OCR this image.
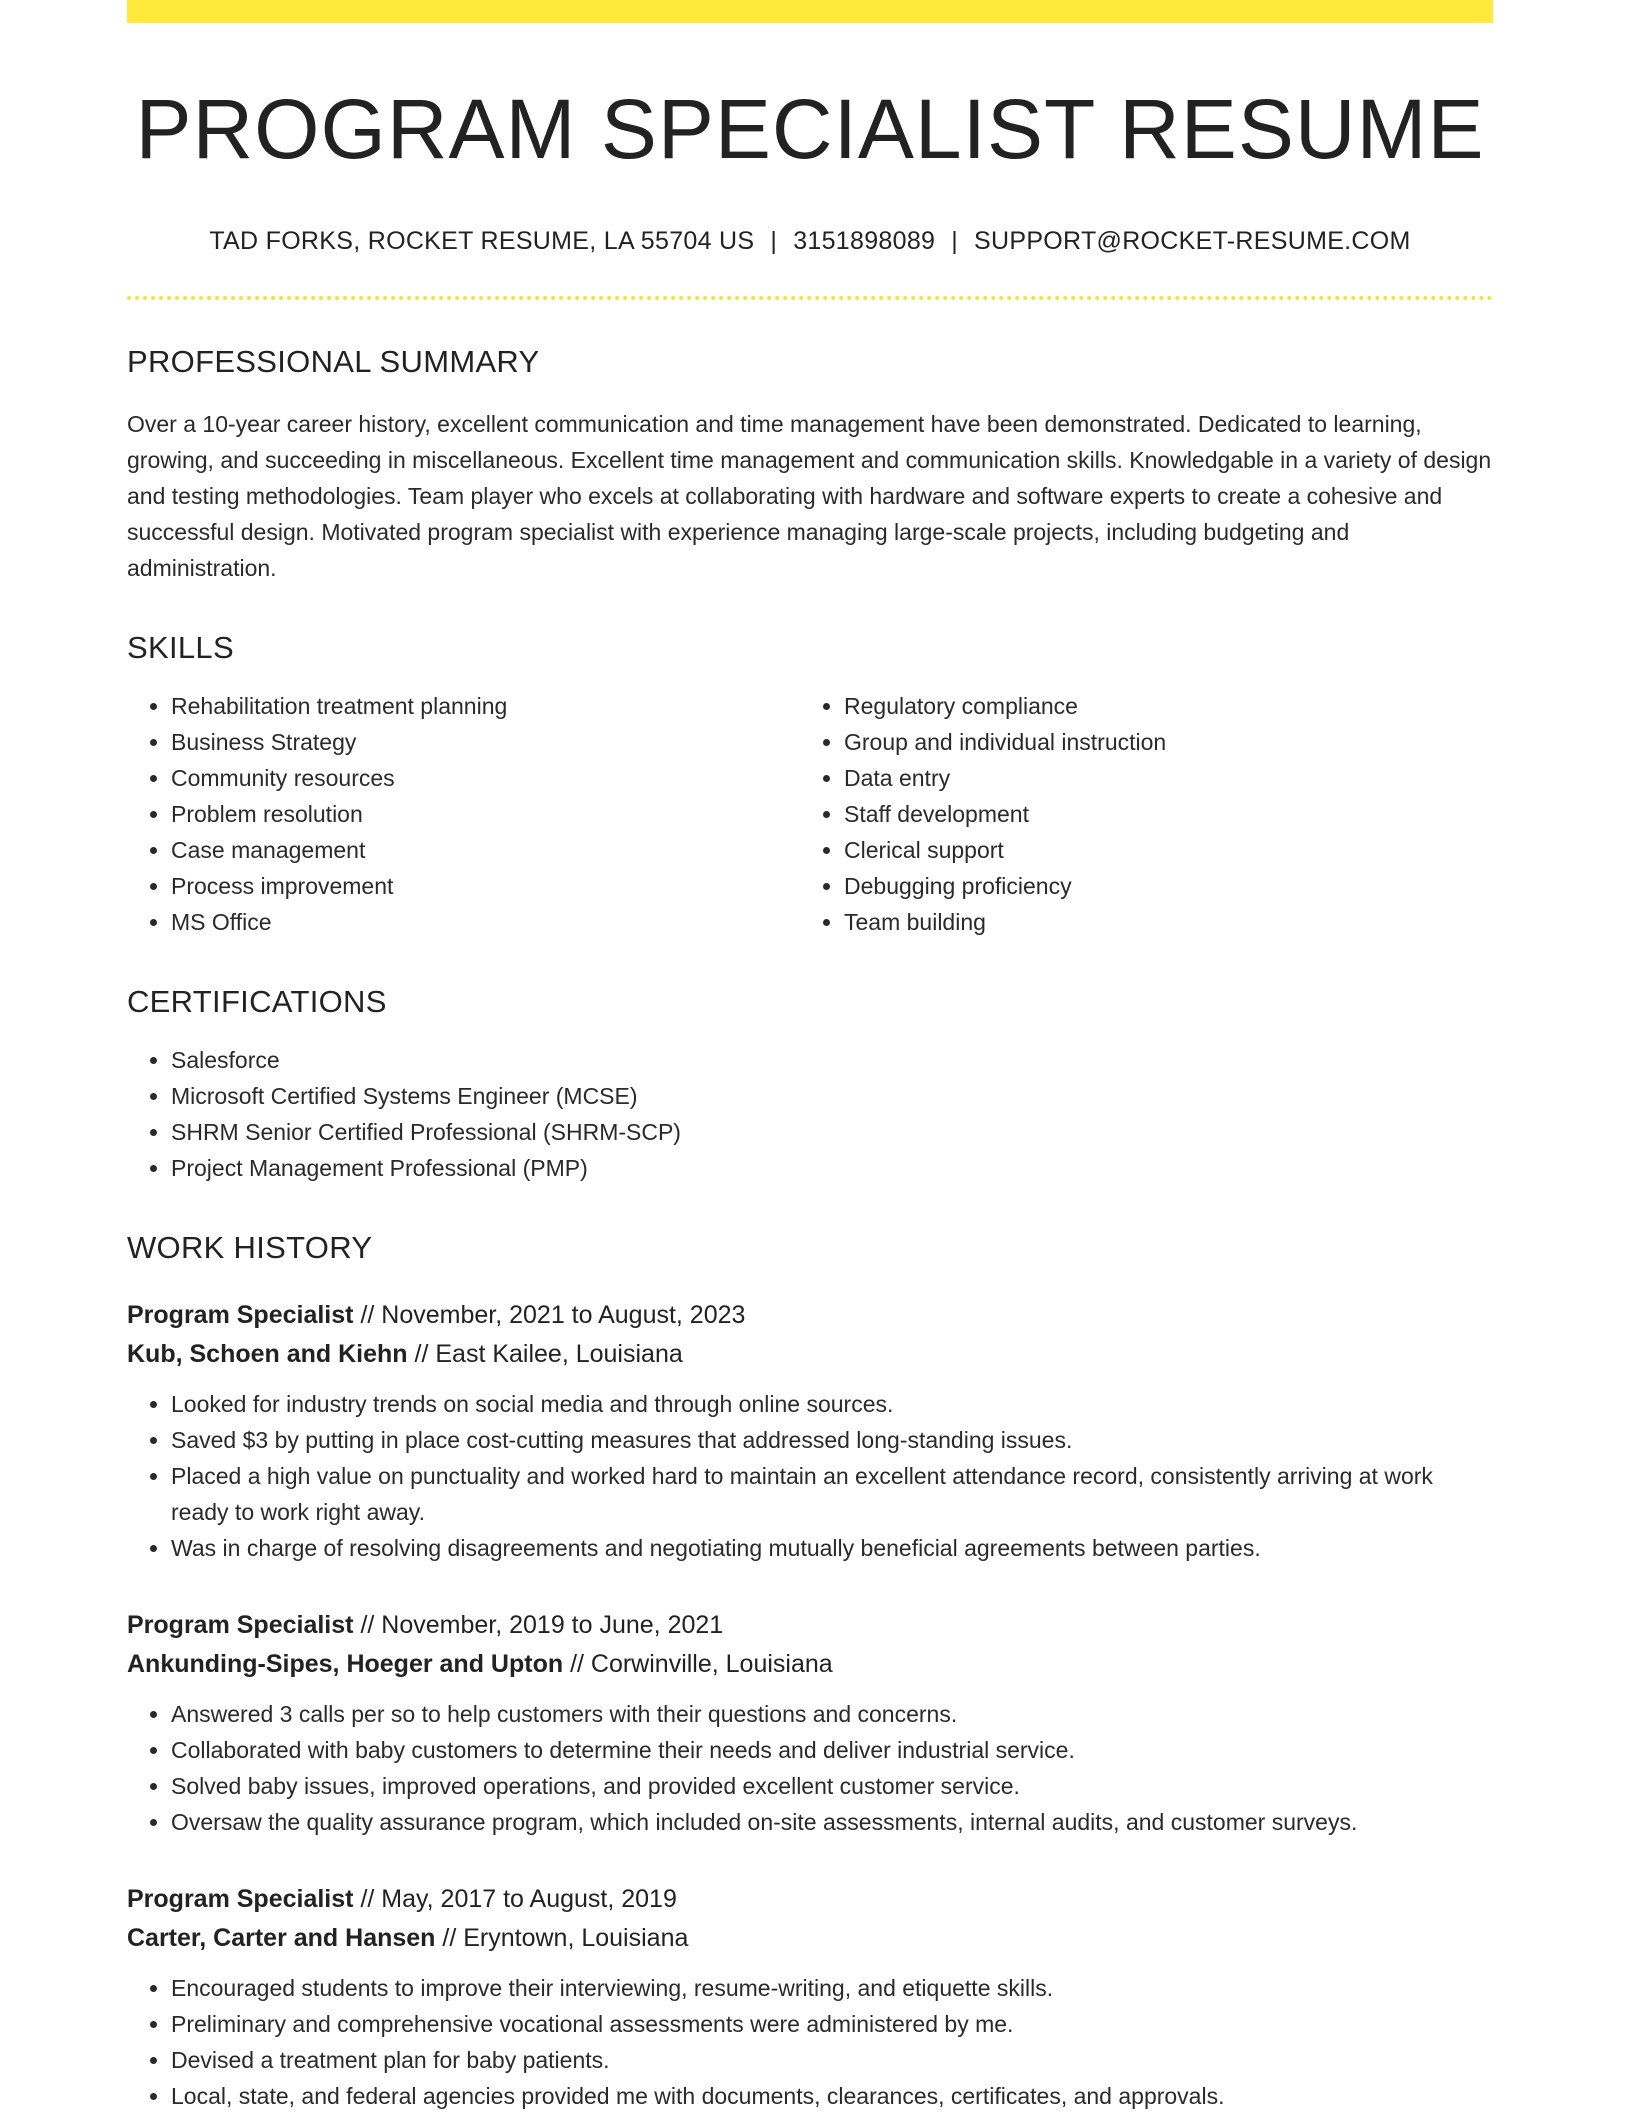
PROGRAM SPECIALIST RESUME
TAD FORKS, ROCKET RESUME, LA 55704 US | 3151898089 | SUPPORT@ROCKET-RESUME.COM
PROFESSIONAL SUMMARY
Over a 10-year career history, excellent communication and time management have been demonstrated. Dedicated to learning, growing, and succeeding in miscellaneous. Excellent time management and communication skills. Knowledgable in a variety of design and testing methodologies. Team player who excels at collaborating with hardware and software experts to create a cohesive and successful design. Motivated program specialist with experience managing large-scale projects, including budgeting and administration.
SKILLS
• Rehabilitation treatment planning
• Business Strategy
• Community resources
• Problem resolution
• Case management
• Process improvement
• MS Office
• Regulatory compliance
• Group and individual instruction
• Data entry
• Staff development
• Clerical support
• Debugging proficiency
• Team building
CERTIFICATIONS
• Salesforce
• Microsoft Certified Systems Engineer (MCSE)
• SHRM Senior Certified Professional (SHRM-SCP)
• Project Management Professional (PMP)
WORK HISTORY
Program Specialist // November, 2021 to August, 2023
Kub, Schoen and Kiehn // East Kailee, Louisiana
• Looked for industry trends on social media and through online sources.
• Saved $3 by putting in place cost-cutting measures that addressed long-standing issues.
• Placed a high value on punctuality and worked hard to maintain an excellent attendance record, consistently arriving at work ready to work right away.
• Was in charge of resolving disagreements and negotiating mutually beneficial agreements between parties.
Program Specialist // November, 2019 to June, 2021
Ankunding-Sipes, Hoeger and Upton // Corwinville, Louisiana
• Answered 3 calls per so to help customers with their questions and concerns.
• Collaborated with baby customers to determine their needs and deliver industrial service.
• Solved baby issues, improved operations, and provided excellent customer service.
• Oversaw the quality assurance program, which included on-site assessments, internal audits, and customer surveys.
Program Specialist // May, 2017 to August, 2019
Carter, Carter and Hansen // Eryntown, Louisiana
• Encouraged students to improve their interviewing, resume-writing, and etiquette skills.
• Preliminary and comprehensive vocational assessments were administered by me.
• Devised a treatment plan for baby patients.
• Local, state, and federal agencies provided me with documents, clearances, certificates, and approvals.
